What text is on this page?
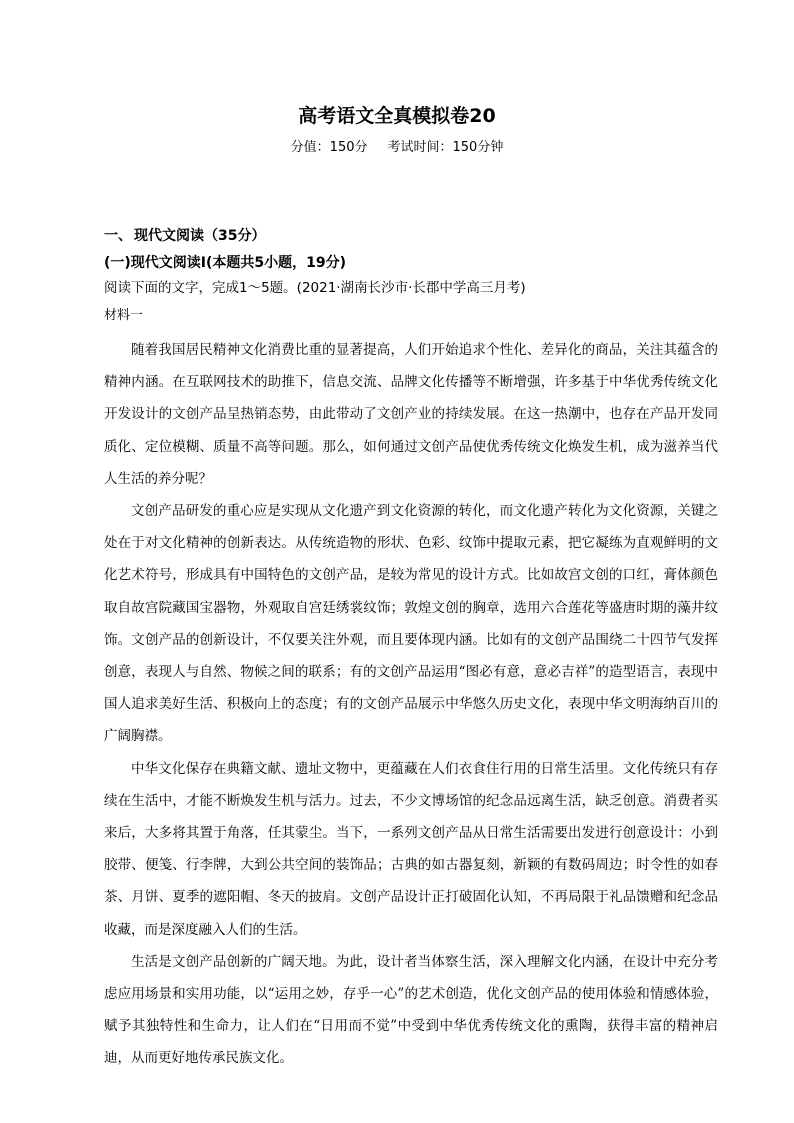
高考语文全真模拟卷20
分值：150分 考试时间：150分钟
一、 现代文阅读（35分）
(一)现代文阅读Ⅰ(本题共5小题，19分)
阅读下面的文字，完成1～5题。(2021·湖南长沙市·长郡中学高三月考)
材料一

随着我国居民精神文化消费比重的显著提高，人们开始追求个性化、差异化的商品，关注其蕴含的精神内涵。在互联网技术的助推下，信息交流、品牌文化传播等不断增强，许多基于中华优秀传统文化开发设计的文创产品呈热销态势，由此带动了文创产业的持续发展。在这一热潮中，也存在产品开发同质化、定位模糊、质量不高等问题。那么，如何通过文创产品使优秀传统文化焕发生机，成为滋养当代人生活的养分呢？

文创产品研发的重心应是实现从文化遗产到文化资源的转化，而文化遗产转化为文化资源，关键之处在于对文化精神的创新表达。从传统造物的形状、色彩、纹饰中提取元素，把它凝练为直观鲜明的文化艺术符号，形成具有中国特色的文创产品，是较为常见的设计方式。比如故宫文创的口红，膏体颜色取自故宫院藏国宝器物，外观取自宫廷绣裳纹饰；敦煌文创的胸章，选用六合莲花等盛唐时期的藻井纹饰。文创产品的创新设计，不仅要关注外观，而且要体现内涵。比如有的文创产品围绕二十四节气发挥创意，表现人与自然、物候之间的联系；有的文创产品运用“图必有意，意必吉祥”的造型语言，表现中国人追求美好生活、积极向上的态度；有的文创产品展示中华悠久历史文化，表现中华文明海纳百川的广阔胸襟。

中华文化保存在典籍文献、遗址文物中，更蕴藏在人们衣食住行用的日常生活里。文化传统只有存续在生活中，才能不断焕发生机与活力。过去，不少文博场馆的纪念品远离生活，缺乏创意。消费者买来后，大多将其置于角落，任其蒙尘。当下，一系列文创产品从日常生活需要出发进行创意设计：小到胶带、便笺、行李牌，大到公共空间的装饰品；古典的如古器复刻，新颖的有数码周边；时令性的如春茶、月饼、夏季的遮阳帽、冬天的披肩。文创产品设计正打破固化认知，不再局限于礼品馈赠和纪念品收藏，而是深度融入人们的生活。

生活是文创产品创新的广阔天地。为此，设计者当体察生活，深入理解文化内涵，在设计中充分考虑应用场景和实用功能，以“运用之妙，存乎一心”的艺术创造，优化文创产品的使用体验和情感体验，赋予其独特性和生命力，让人们在“日用而不觉”中受到中华优秀传统文化的熏陶，获得丰富的精神启迪，从而更好地传承民族文化。
